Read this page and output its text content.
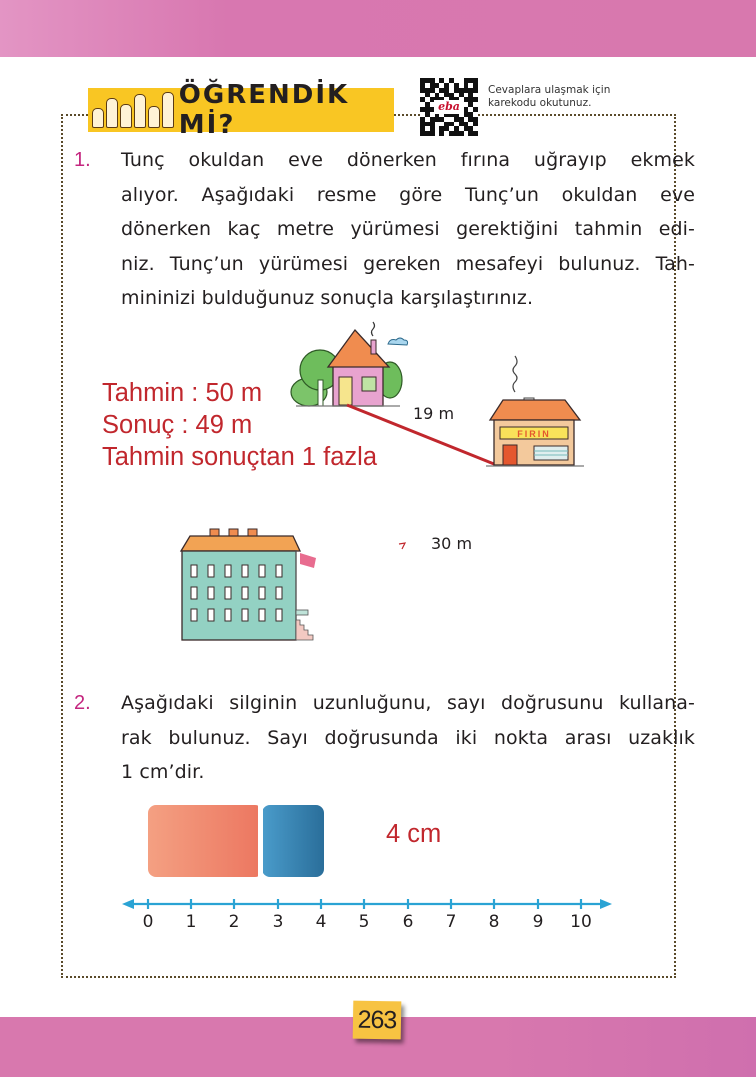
ÖĞRENDİK Mİ?
eba
Cevaplara ulaşmak için
karekodu okutunuz.
1. Tunç okuldan eve dönerken fırına uğrayıp ekmek
alıyor. Aşağıdaki resme göre Tunç’un okuldan eve
dönerken kaç metre yürümesi gerektiğini tahmin edi-
niz. Tunç’un yürümesi gereken mesafeyi bulunuz. Tah-
mininizi bulduğunuz sonuçla karşılaştırınız.
FIRIN
19 m
30 m
Tahmin : 50 m
Sonuç : 49 m
Tahmin sonuçtan 1 fazla
2. Aşağıdaki silginin uzunluğunu, sayı doğrusunu kullana-
rak bulunuz. Sayı doğrusunda iki nokta arası uzaklık
1 cm’dir.
4 cm
0	1	2	3	4	5	6	7	8	9	10
263
